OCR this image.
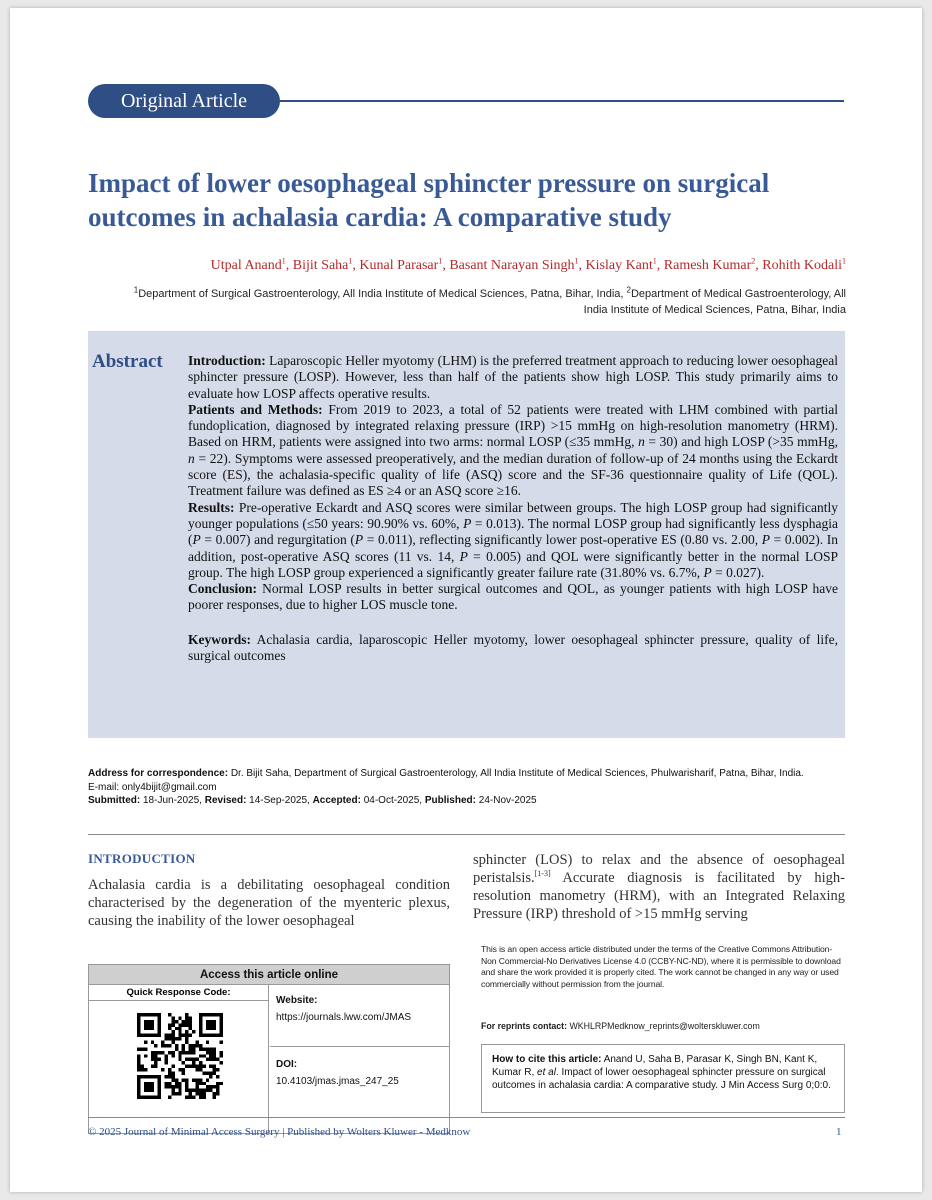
Original Article
Impact of lower oesophageal sphincter pressure on surgical outcomes in achalasia cardia: A comparative study
Utpal Anand$^1$, Bijit Saha$^1$, Kunal Parasar$^1$, Basant Narayan Singh$^1$, Kislay Kant$^1$, Ramesh Kumar$^2$, Rohith Kodali$^1$
$^1$Department of Surgical Gastroenterology, All India Institute of Medical Sciences, Patna, Bihar, India, $^2$Department of Medical Gastroenterology, All India Institute of Medical Sciences, Patna, Bihar, India
Abstract Introduction: Laparoscopic Heller myotomy (LHM) is the preferred treatment approach to reducing lower oesophageal sphincter pressure (LOSP). However, less than half of the patients show high LOSP. This study primarily aims to evaluate how LOSP affects operative results.

Patients and Methods: From 2019 to 2023, a total of 52 patients were treated with LHM combined with partial fundoplication, diagnosed by integrated relaxing pressure (IRP) >15 mmHg on high-resolution manometry (HRM). Based on HRM, patients were assigned into two arms: normal LOSP (≤35 mmHg, n = 30) and high LOSP (>35 mmHg, n = 22). Symptoms were assessed preoperatively, and the median duration of follow-up of 24 months using the Eckardt score (ES), the achalasia-specific quality of life (ASQ) score and the SF-36 questionnaire quality of Life (QOL). Treatment failure was defined as ES ≥4 or an ASQ score ≥16.

Results: Pre-operative Eckardt and ASQ scores were similar between groups. The high LOSP group had significantly younger populations (≤50 years: 90.90% vs. 60%, P = 0.013). The normal LOSP group had significantly less dysphagia (P = 0.007) and regurgitation (P = 0.011), reflecting significantly lower post-operative ES (0.80 vs. 2.00, P = 0.002). In addition, post-operative ASQ scores (11 vs. 14, P = 0.005) and QOL were significantly better in the normal LOSP group. The high LOSP group experienced a significantly greater failure rate (31.80% vs. 6.7%, P = 0.027).

Conclusion: Normal LOSP results in better surgical outcomes and QOL, as younger patients with high LOSP have poorer responses, due to higher LOS muscle tone.

Keywords: Achalasia cardia, laparoscopic Heller myotomy, lower oesophageal sphincter pressure, quality of life, surgical outcomes

Address for correspondence: Dr. Bijit Saha, Department of Surgical Gastroenterology, All India Institute of Medical Sciences, Phulwarisharif, Patna, Bihar, India.
E-mail: only4bijit@gmail.com
Submitted: 18-Jun-2025, Revised: 14-Sep-2025, Accepted: 04-Oct-2025, Published: 24-Nov-2025
INTRODUCTION
Achalasia cardia is a debilitating oesophageal condition characterised by the degeneration of the myenteric plexus, causing the inability of the lower oesophageal
sphincter (LOS) to relax and the absence of oesophageal peristalsis.[1-3] Accurate diagnosis is facilitated by high-resolution manometry (HRM), with an Integrated Relaxing Pressure (IRP) threshold of >15 mmHg serving
Access this article online
Quick Response Code:
Website:
https://journals.lww.com/JMAS
DOI:
10.4103/jmas.jmas_247_25
This is an open access article distributed under the terms of the Creative Commons Attribution-Non Commercial-No Derivatives License 4.0 (CCBY-NC-ND), where it is permissible to download and share the work provided it is properly cited. The work cannot be changed in any way or used commercially without permission from the journal.
For reprints contact: WKHLRPMedknow_reprints@wolterskluwer.com
How to cite this article: Anand U, Saha B, Parasar K, Singh BN, Kant K, Kumar R, et al. Impact of lower oesophageal sphincter pressure on surgical outcomes in achalasia cardia: A comparative study. J Min Access Surg 0;0:0.
© 2025 Journal of Minimal Access Surgery | Published by Wolters Kluwer - Medknow	1
